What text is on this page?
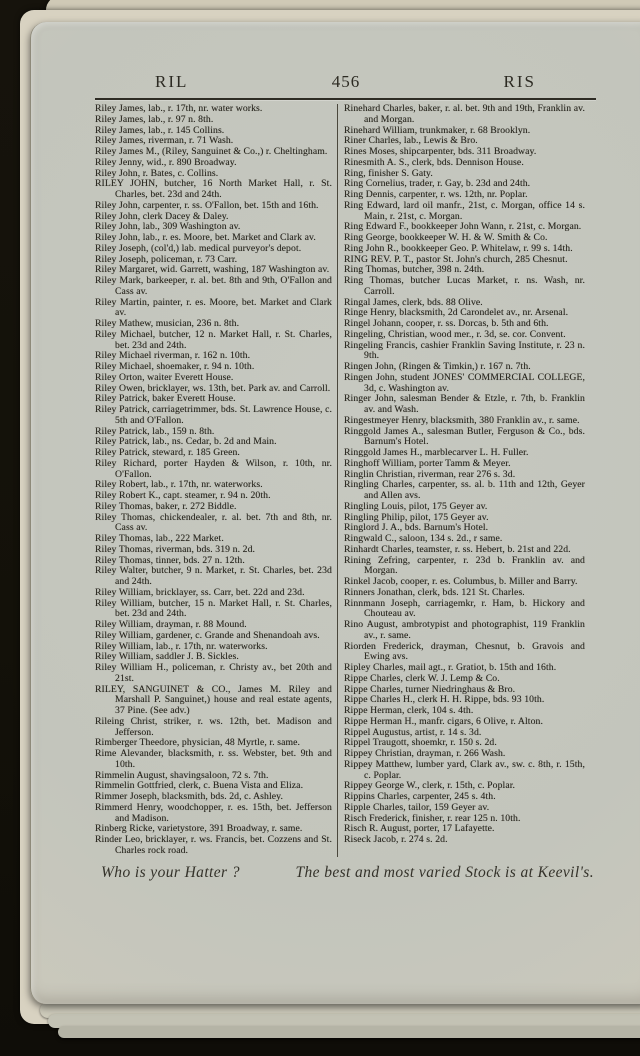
RIL	456	RIS

Riley James, lab., r. 17th, nr. water works.

Riley James, lab., r. 97 n. 8th.

Riley James, lab., r. 145 Collins.

Riley James, riverman, r. 71 Wash.

Riley James M., (Riley, Sanguinet & Co.,) r. Cheltingham.

Riley Jenny, wid., r. 890 Broadway.

Riley John, r. Bates, c. Collins.

RILEY JOHN, butcher, 16 North Market Hall, r. St. Charles, bet. 23d and 24th.

Riley John, carpenter, r. ss. O'Fallon, bet. 15th and 16th.

Riley John, clerk Dacey & Daley.

Riley John, lab., 309 Washington av.

Riley John, lab., r. es. Moore, bet. Market and Clark av.

Riley Joseph, (col'd,) lab. medical purveyor's depot.

Riley Joseph, policeman, r. 73 Carr.

Riley Margaret, wid. Garrett, washing, 187 Washington av.

Riley Mark, barkeeper, r. al. bet. 8th and 9th, O'Fallon and Cass av.

Riley Martin, painter, r. es. Moore, bet. Market and Clark av.

Riley Mathew, musician, 236 n. 8th.

Riley Michael, butcher, 12 n. Market Hall, r. St. Charles, bet. 23d and 24th.

Riley Michael riverman, r. 162 n. 10th.

Riley Michael, shoemaker, r. 94 n. 10th.

Riley Orton, waiter Everett House.

Riley Owen, bricklayer, ws. 13th, bet. Park av. and Carroll.

Riley Patrick, baker Everett House.

Riley Patrick, carriagetrimmer, bds. St. Lawrence House, c. 5th and O'Fallon.

Riley Patrick, lab., 159 n. 8th.

Riley Patrick, lab., ns. Cedar, b. 2d and Main.

Riley Patrick, steward, r. 185 Green.

Riley Richard, porter Hayden & Wilson, r. 10th, nr. O'Fallon.

Riley Robert, lab., r. 17th, nr. waterworks.

Riley Robert K., capt. steamer, r. 94 n. 20th.

Riley Thomas, baker, r. 272 Biddle.

Riley Thomas, chickendealer, r. al. bet. 7th and 8th, nr. Cass av.

Riley Thomas, lab., 222 Market.

Riley Thomas, riverman, bds. 319 n. 2d.

Riley Thomas, tinner, bds. 27 n. 12th.

Riley Walter, butcher, 9 n. Market, r. St. Charles, bet. 23d and 24th.

Riley William, bricklayer, ss. Carr, bet. 22d and 23d.

Riley William, butcher, 15 n. Market Hall, r. St. Charles, bet. 23d and 24th.

Riley William, drayman, r. 88 Mound.

Riley William, gardener, c. Grande and Shenandoah avs.

Riley William, lab., r. 17th, nr. waterworks.

Riley William, saddler J. B. Sickles.

Riley William H., policeman, r. Christy av., bet 20th and 21st.

RILEY, SANGUINET & CO., James M. Riley and Marshall P. Sanguinet,) house and real estate agents, 37 Pine. (See adv.)

Rileing Christ, striker, r. ws. 12th, bet. Madison and Jefferson.

Rimberger Theedore, physician, 48 Myrtle, r. same.

Rime Alevander, blacksmith, r. ss. Webster, bet. 9th and 10th.

Rimmelin August, shavingsaloon, 72 s. 7th.

Rimmelin Gottfried, clerk, c. Buena Vista and Eliza.

Rimmer Joseph, blacksmith, bds. 2d, c. Ashley.

Rimmerd Henry, woodchopper, r. es. 15th, bet. Jefferson and Madison.

Rinberg Ricke, varietystore, 391 Broadway, r. same.

Rinder Leo, bricklayer, r. ws. Francis, bet. Cozzens and St. Charles rock road.

Rinehard Charles, baker, r. al. bet. 9th and 19th, Franklin av. and Morgan.

Rinehard William, trunkmaker, r. 68 Brooklyn.

Riner Charles, lab., Lewis & Bro.

Rines Moses, shipcarpenter, bds. 311 Broadway.

Rinesmith A. S., clerk, bds. Dennison House.

Ring, finisher S. Gaty.

Ring Cornelius, trader, r. Gay, b. 23d and 24th.

Ring Dennis, carpenter, r. ws. 12th, nr. Poplar.

Ring Edward, lard oil manfr., 21st, c. Morgan, office 14 s. Main, r. 21st, c. Morgan.

Ring Edward F., bookkeeper John Wann, r. 21st, c. Morgan.

Ring George, bookkeeper W. H. & W. Smith & Co.

Ring John R., bookkeeper Geo. P. Whitelaw, r. 99 s. 14th.

RING REV. P. T., pastor St. John's church, 285 Chesnut.

Ring Thomas, butcher, 398 n. 24th.

Ring Thomas, butcher Lucas Market, r. ns. Wash, nr. Carroll.

Ringal James, clerk, bds. 88 Olive.

Ringe Henry, blacksmith, 2d Carondelet av., nr. Arsenal.

Ringel Johann, cooper, r. ss. Dorcas, b. 5th and 6th.

Ringeling, Christian, wood mer., r. 3d, se. cor. Convent.

Ringeling Francis, cashier Franklin Saving Institute, r. 23 n. 9th.

Ringen John, (Ringen & Timkin,) r. 167 n. 7th.

Ringen John, student JONES' COMMERCIAL COLLEGE, 3d, c. Washington av.

Ringer John, salesman Bender & Etzle, r. 7th, b. Franklin av. and Wash.

Ringestmeyer Henry, blacksmith, 380 Franklin av., r. same.

Ringgold James A., salesman Butler, Ferguson & Co., bds. Barnum's Hotel.

Ringgold James H., marblecarver L. H. Fuller.

Ringhoff William, porter Tamm & Meyer.

Ringlin Christian, riverman, rear 276 s. 3d.

Ringling Charles, carpenter, ss. al. b. 11th and 12th, Geyer and Allen avs.

Ringling Louis, pilot, 175 Geyer av.

Ringling Philip, pilot, 175 Geyer av.

Ringlord J. A., bds. Barnum's Hotel.

Ringwald C., saloon, 134 s. 2d., r same.

Rinhardt Charles, teamster, r. ss. Hebert, b. 21st and 22d.

Rining Zefring, carpenter, r. 23d b. Franklin av. and Morgan.

Rinkel Jacob, cooper, r. es. Columbus, b. Miller and Barry.

Rinners Jonathan, clerk, bds. 121 St. Charles.

Rinnmann Joseph, carriagemkr, r. Ham, b. Hickory and Chouteau av.

Rino August, ambrotypist and photographist, 119 Franklin av., r. same.

Riorden Frederick, drayman, Chesnut, b. Gravois and Ewing avs.

Ripley Charles, mail agt., r. Gratiot, b. 15th and 16th.

Rippe Charles, clerk W. J. Lemp & Co.

Rippe Charles, turner Niedringhaus & Bro.

Rippe Charles H., clerk H. H. Rippe, bds. 93 10th.

Rippe Herman, clerk, 104 s. 4th.

Rippe Herman H., manfr. cigars, 6 Olive, r. Alton.

Rippel Augustus, artist, r. 14 s. 3d.

Rippel Traugott, shoemkr, r. 150 s. 2d.

Rippey Christian, drayman, r. 266 Wash.

Rippey Matthew, lumber yard, Clark av., sw. c. 8th, r. 15th, c. Poplar.

Rippey George W., clerk, r. 15th, c. Poplar.

Rippins Charles, carpenter, 245 s. 4th.

Ripple Charles, tailor, 159 Geyer av.

Risch Frederick, finisher, r. rear 125 n. 10th.

Risch R. August, porter, 17 Lafayette.

Riseck Jacob, r. 274 s. 2d.

Who is your Hatter ?	The best and most varied Stock is at Keevil's.
